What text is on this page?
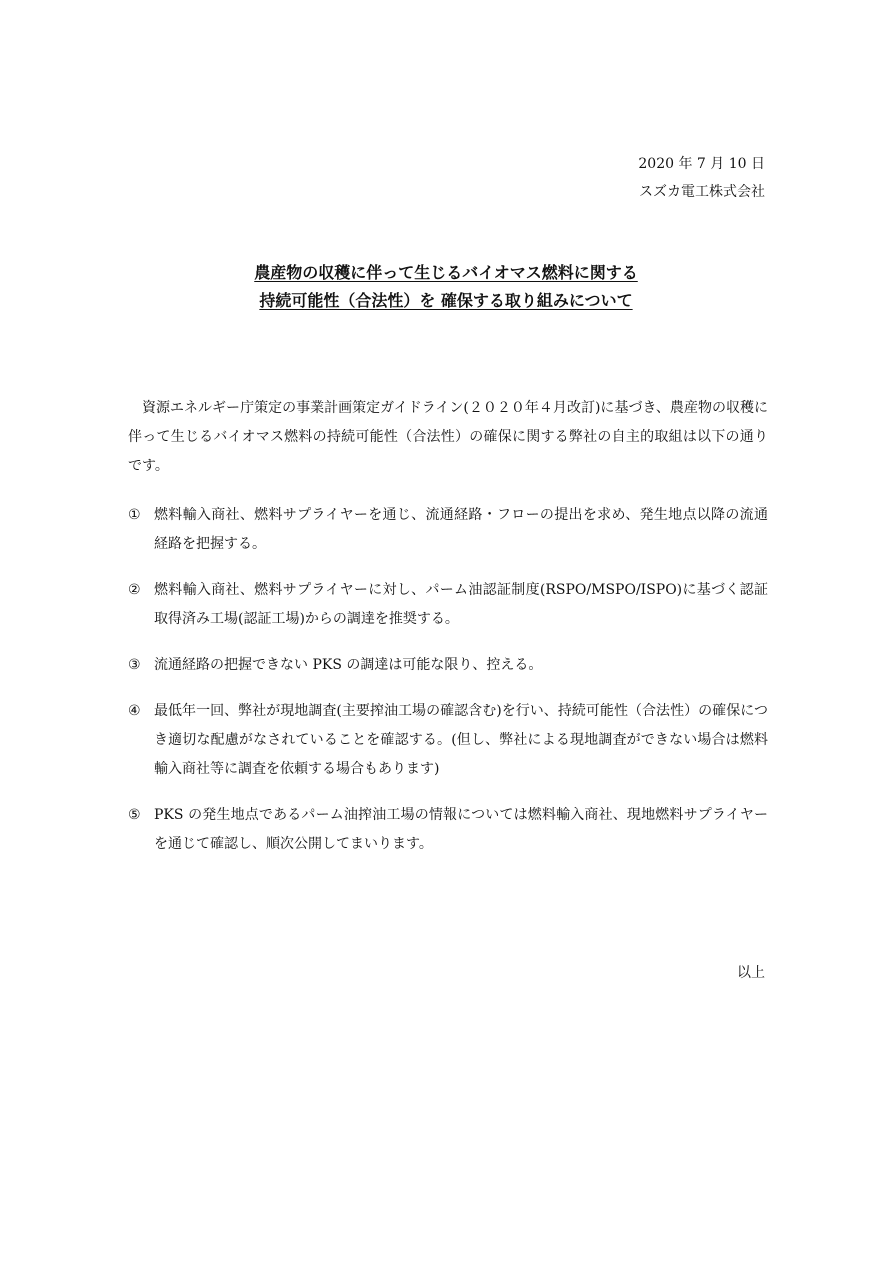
2020 年 7 月 10 日
スズカ電工株式会社
農産物の収穫に伴って生じるバイオマス燃料に関する
持続可能性（合法性）を 確保する取り組みについて

資源エネルギー庁策定の事業計画策定ガイドライン(２０２０年４月改訂)に基づき、農産物の収穫に伴って生じるバイオマス燃料の持続可能性（合法性）の確保に関する弊社の自主的取組は以下の通りです。

① 燃料輸入商社、燃料サプライヤーを通じ、流通経路・フローの提出を求め、発生地点以降の流通経路を把握する。
② 燃料輸入商社、燃料サプライヤーに対し、パーム油認証制度(RSPO/MSPO/ISPO)に基づく認証取得済み工場(認証工場)からの調達を推奨する。
③ 流通経路の把握できない PKS の調達は可能な限り、控える。
④ 最低年一回、弊社が現地調査(主要搾油工場の確認含む)を行い、持続可能性（合法性）の確保につき適切な配慮がなされていることを確認する。(但し、弊社による現地調査ができない場合は燃料輸入商社等に調査を依頼する場合もあります)
⑤ PKS の発生地点であるパーム油搾油工場の情報については燃料輸入商社、現地燃料サプライヤーを通じて確認し、順次公開してまいります。
以上
